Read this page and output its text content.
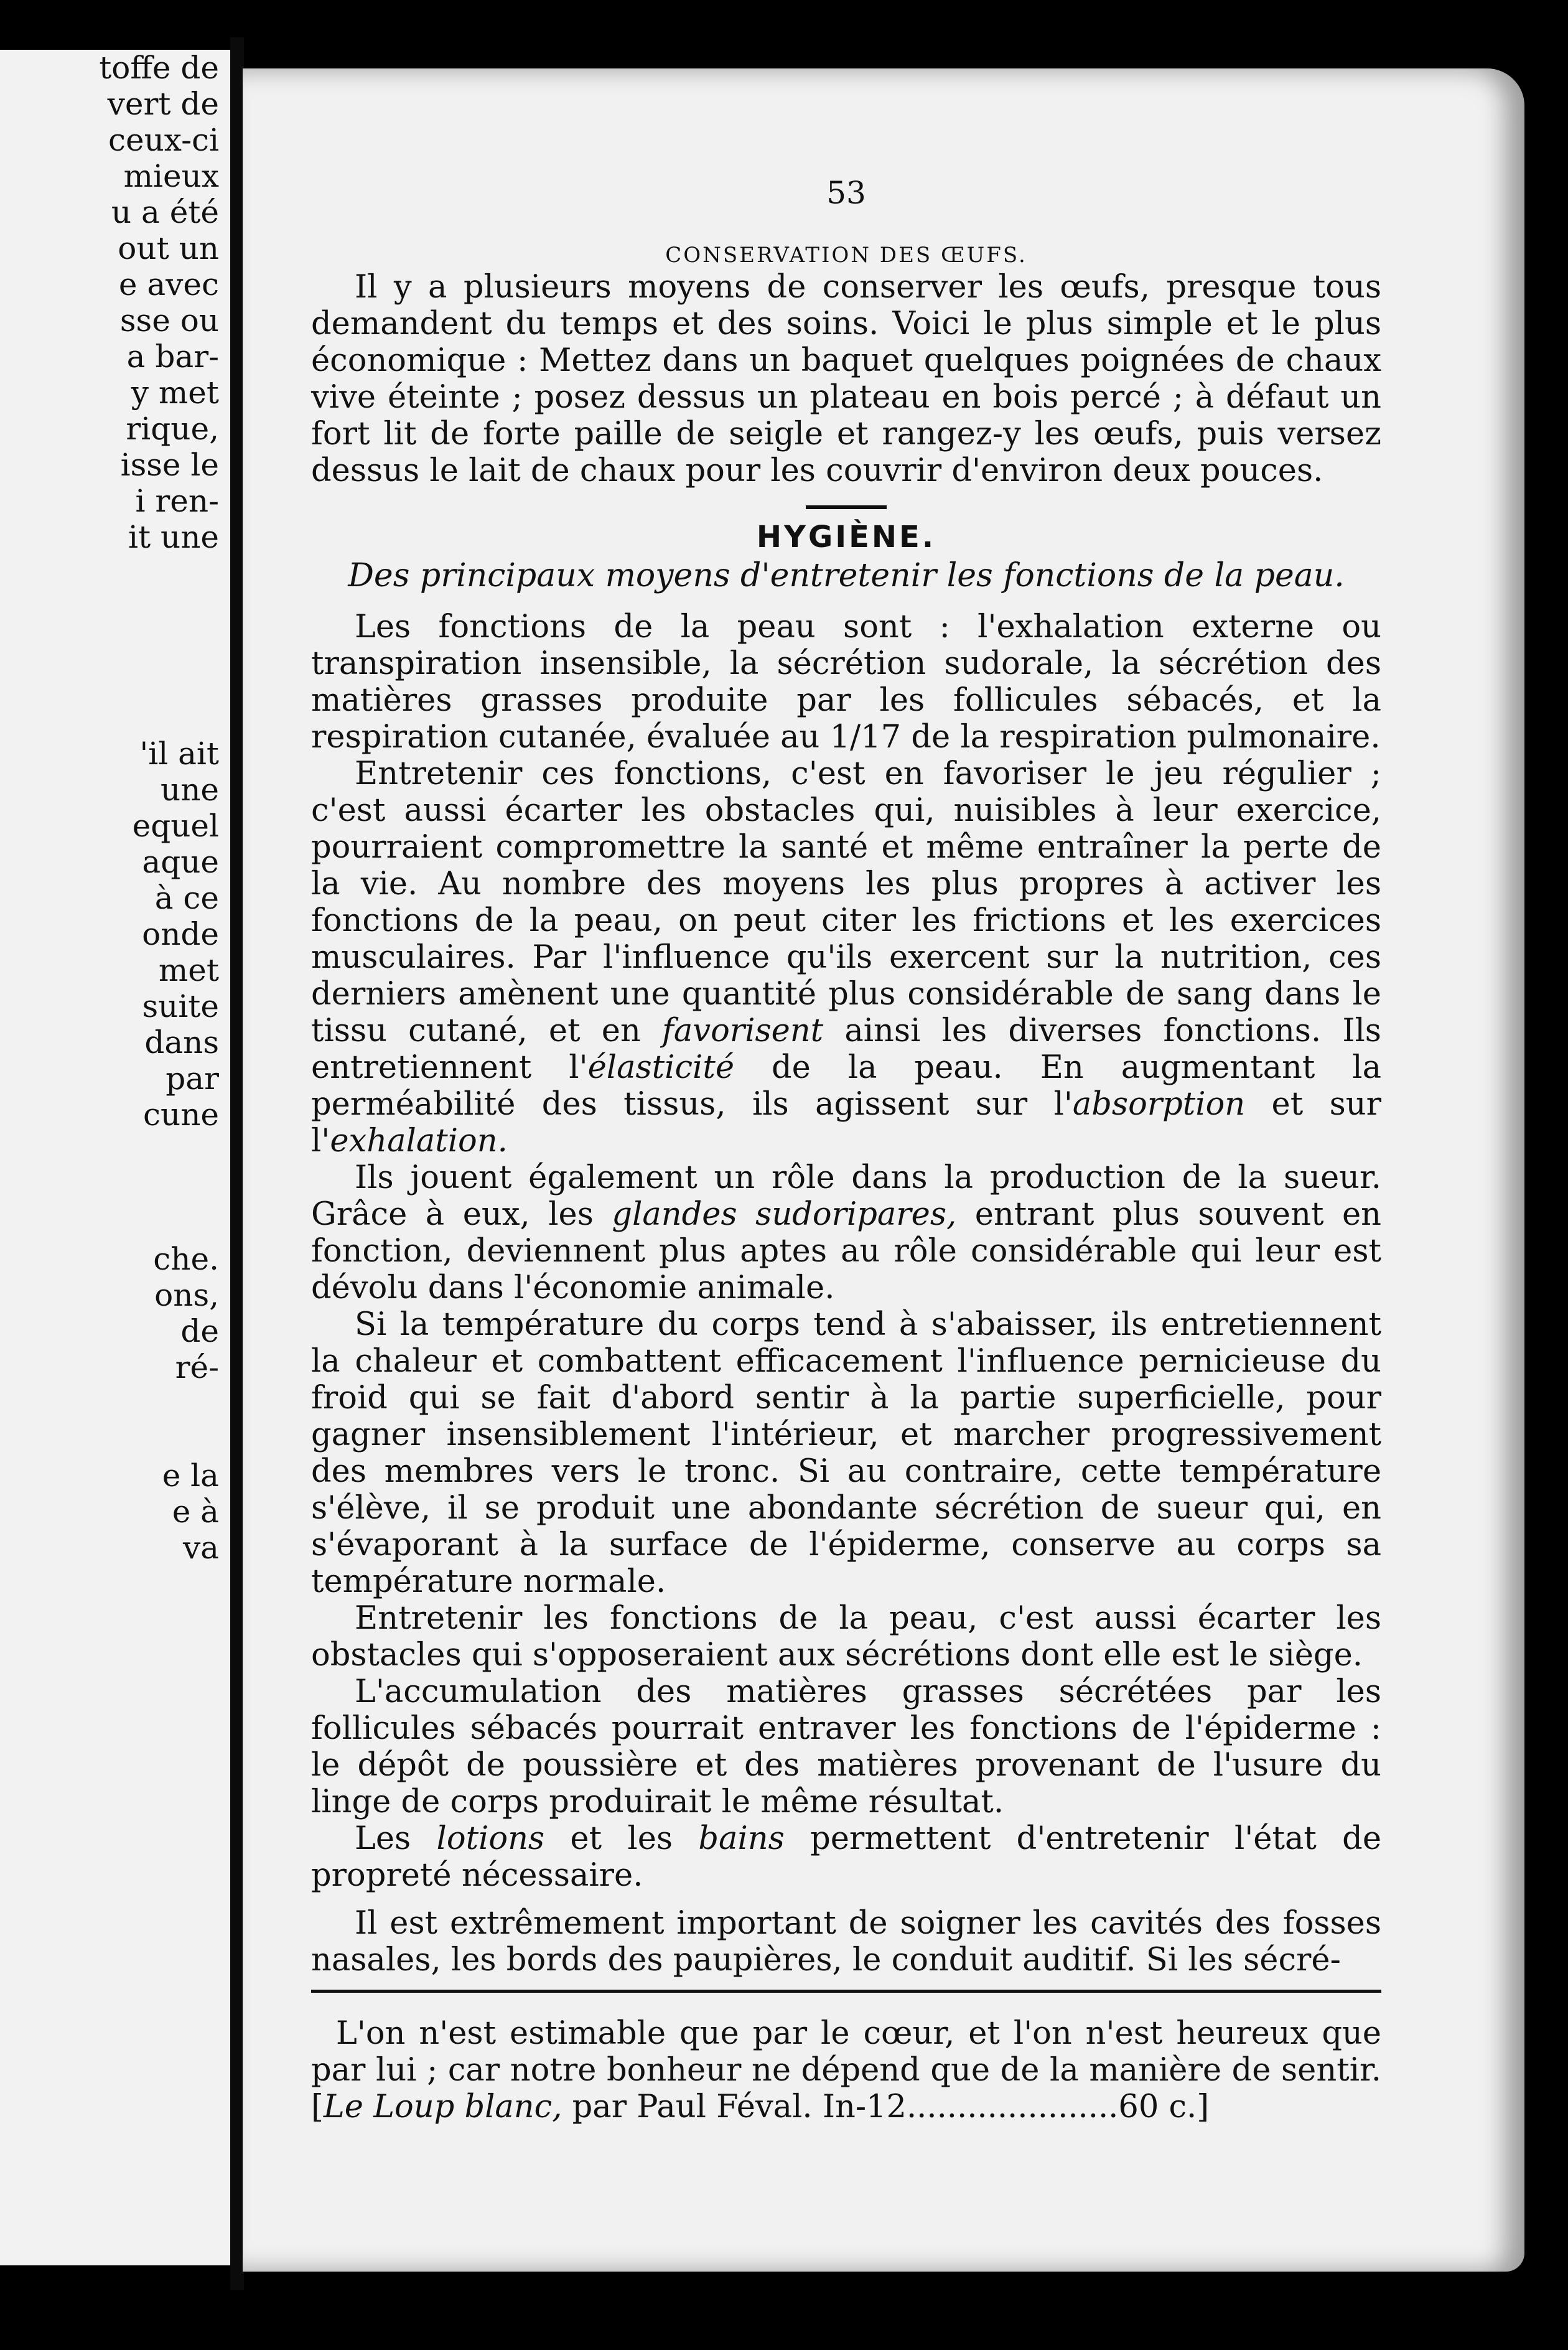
toffe de
vert de
ceux-ci
mieux
u a été
out un
e avec
sse ou
a bar-
y met
rique,
isse le
i ren-
it une
'il ait
une
equel
aque
à ce
onde
met
suite
dans
par
cune
che.
ons,
de
ré-
e la
e à
va
53
CONSERVATION DES ŒUFS.

Il y a plusieurs moyens de conserver les œufs, presque tous demandent du temps et des soins. Voici le plus simple et le plus économique : Mettez dans un baquet quelques poignées de chaux vive éteinte ; posez dessus un plateau en bois percé ; à défaut un fort lit de forte paille de seigle et rangez-y les œufs, puis versez dessus le lait de chaux pour les couvrir d'environ deux pouces.

HYGIÈNE.
Des principaux moyens d'entretenir les fonctions de la peau.

Les fonctions de la peau sont : l'exhalation externe ou transpiration insensible, la sécrétion sudorale, la sécrétion des matières grasses produite par les follicules sébacés, et la respiration cutanée, évaluée au 1/17 de la respiration pulmonaire.

Entretenir ces fonctions, c'est en favoriser le jeu régulier ; c'est aussi écarter les obstacles qui, nuisibles à leur exercice, pourraient compromettre la santé et même entraîner la perte de la vie. Au nombre des moyens les plus propres à activer les fonctions de la peau, on peut citer les frictions et les exercices musculaires. Par l'influence qu'ils exercent sur la nutrition, ces derniers amènent une quantité plus considérable de sang dans le tissu cutané, et en favorisent ainsi les diverses fonctions. Ils entretiennent l'élasticité de la peau. En augmentant la perméabilité des tissus, ils agissent sur l'absorption et sur l'exhalation.

Ils jouent également un rôle dans la production de la sueur. Grâce à eux, les glandes sudoripares, entrant plus souvent en fonction, deviennent plus aptes au rôle considérable qui leur est dévolu dans l'économie animale.

Si la température du corps tend à s'abaisser, ils entretiennent la chaleur et combattent efficacement l'influence pernicieuse du froid qui se fait d'abord sentir à la partie superficielle, pour gagner insensiblement l'intérieur, et marcher progressivement des membres vers le tronc. Si au contraire, cette température s'élève, il se produit une abondante sécrétion de sueur qui, en s'évaporant à la surface de l'épiderme, conserve au corps sa température normale.

Entretenir les fonctions de la peau, c'est aussi écarter les obstacles qui s'opposeraient aux sécrétions dont elle est le siège.

L'accumulation des matières grasses sécrétées par les follicules sébacés pourrait entraver les fonctions de l'épiderme : le dépôt de poussière et des matières provenant de l'usure du linge de corps produirait le même résultat.

Les lotions et les bains permettent d'entretenir l'état de propreté nécessaire.

Il est extrêmement important de soigner les cavités des fosses nasales, les bords des paupières, le conduit auditif. Si les sécré-

L'on n'est estimable que par le cœur, et l'on n'est heureux que par lui ; car notre bonheur ne dépend que de la manière de sentir. [Le Loup blanc, par Paul Féval. In-12.....................60 c.]
